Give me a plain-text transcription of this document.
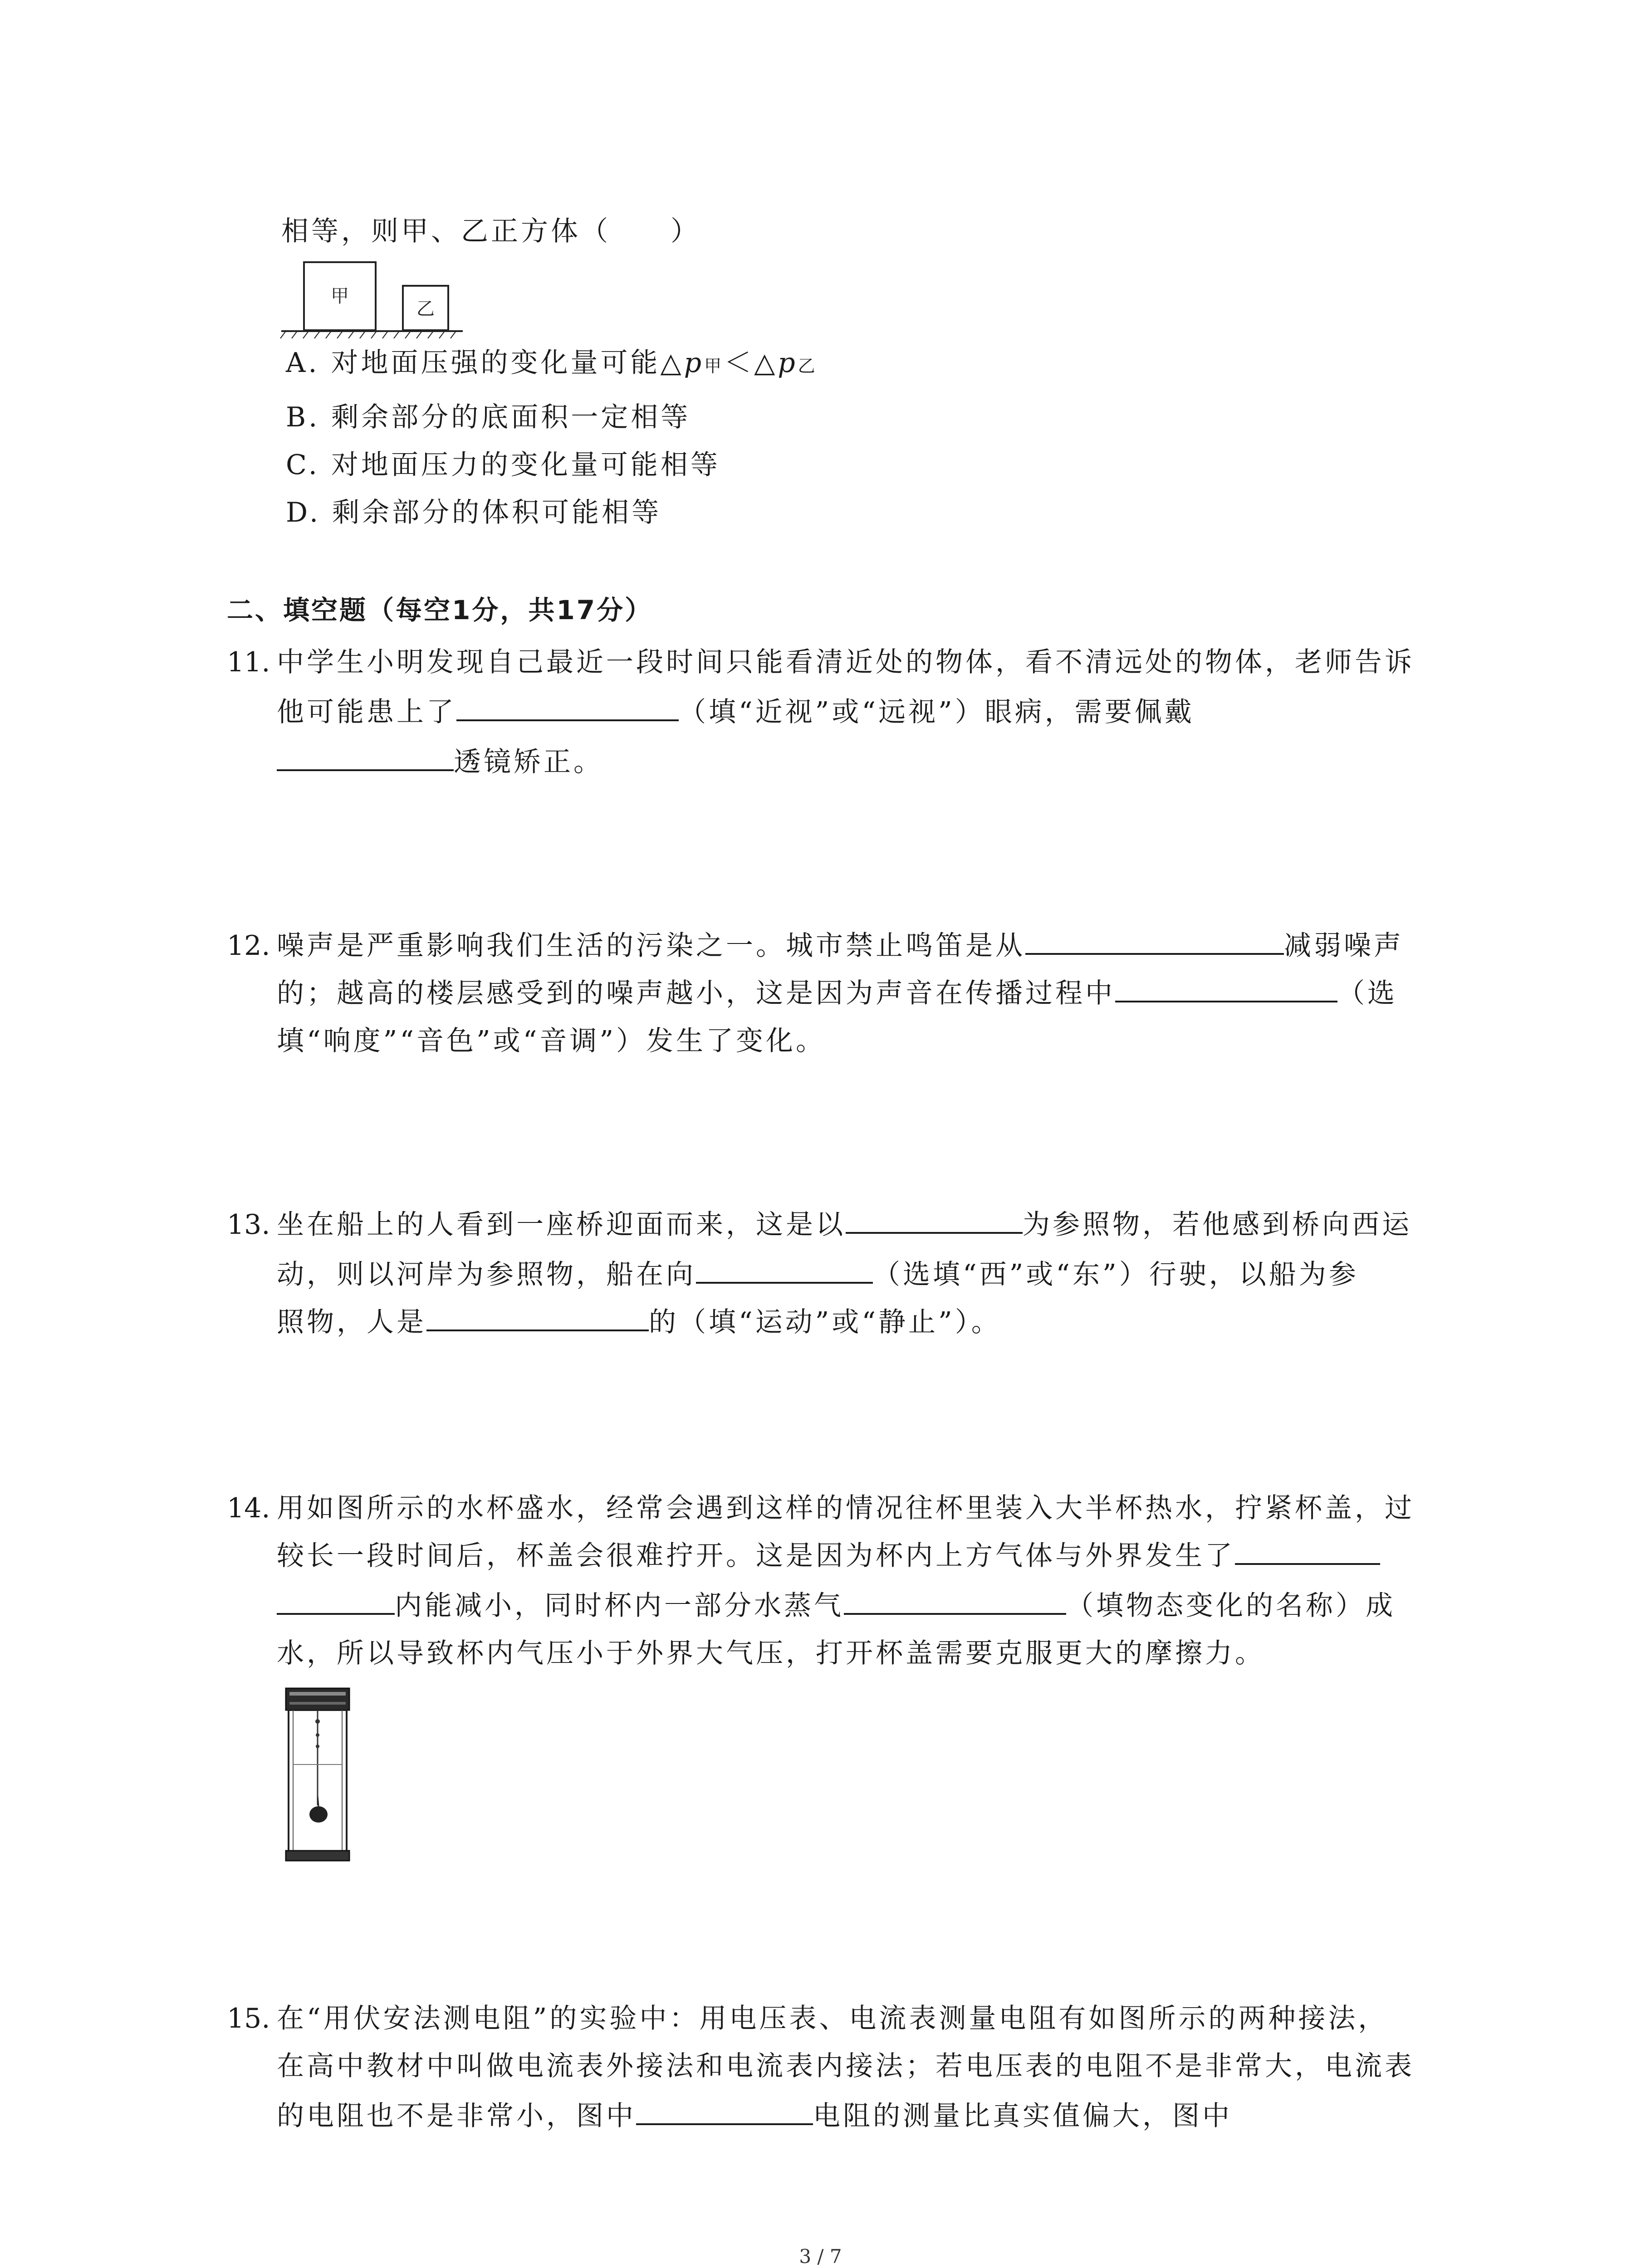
相等，则甲、乙正方体（　　）
甲
乙
A. 对地面压强的变化量可能△p甲＜△p乙
B. 剩余部分的底面积一定相等
C. 对地面压力的变化量可能相等
D. 剩余部分的体积可能相等
二、填空题（每空1分，共17分）
11. 中学生小明发现自己最近一段时间只能看清近处的物体，看不清远处的物体，老师告诉
他可能患上了	（填“近视”或“远视”）眼病，需要佩戴
透镜矫正。
12. 噪声是严重影响我们生活的污染之一。城市禁止鸣笛是从	减弱噪声
的；越高的楼层感受到的噪声越小，这是因为声音在传播过程中	（选
填“响度”“音色”或“音调”）发生了变化。
13. 坐在船上的人看到一座桥迎面而来，这是以	为参照物，若他感到桥向西运
动，则以河岸为参照物，船在向	（选填“西”或“东”）行驶，以船为参
照物，人是	的（填“运动”或“静止”）。
14. 用如图所示的水杯盛水，经常会遇到这样的情况往杯里装入大半杯热水，拧紧杯盖，过
较长一段时间后，杯盖会很难拧开。这是因为杯内上方气体与外界发生了
内能减小，同时杯内一部分水蒸气	（填物态变化的名称）成
水，所以导致杯内气压小于外界大气压，打开杯盖需要克服更大的摩擦力。
15. 在“用伏安法测电阻”的实验中：用电压表、电流表测量电阻有如图所示的两种接法，
在高中教材中叫做电流表外接法和电流表内接法；若电压表的电阻不是非常大，电流表
的电阻也不是非常小，图中	电阻的测量比真实值偏大，图中
3 / 7
